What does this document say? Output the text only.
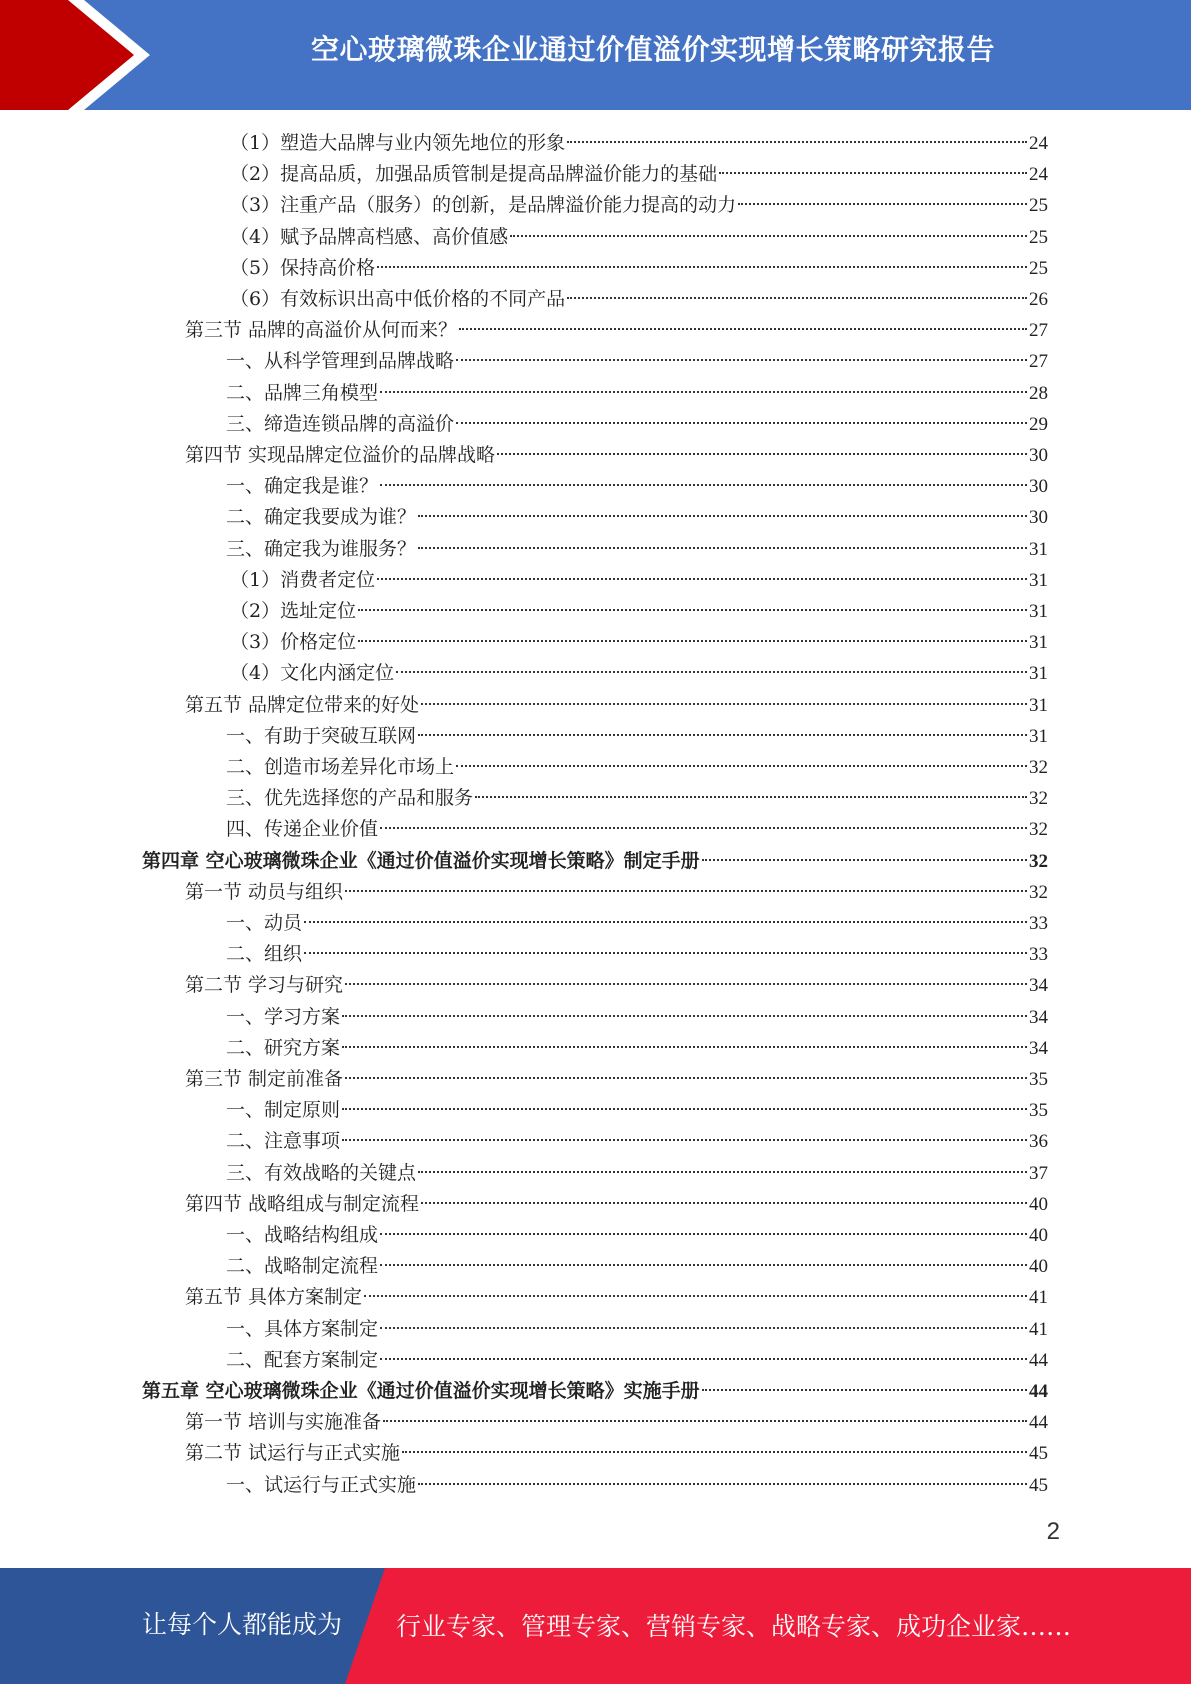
空心玻璃微珠企业通过价值溢价实现增长策略研究报告
（1）塑造大品牌与业内领先地位的形象	24
（2）提高品质，加强品质管制是提高品牌溢价能力的基础	24
（3）注重产品（服务）的创新，是品牌溢价能力提高的动力	25
（4）赋予品牌高档感、高价值感	25
（5）保持高价格	25
（6）有效标识出高中低价格的不同产品	26
第三节 品牌的高溢价从何而来？	27
一、从科学管理到品牌战略	27
二、品牌三角模型	28
三、缔造连锁品牌的高溢价	29
第四节 实现品牌定位溢价的品牌战略	30
一、确定我是谁？	30
二、确定我要成为谁？	30
三、确定我为谁服务？	31
（1）消费者定位	31
（2）选址定位	31
（3）价格定位	31
（4）文化内涵定位	31
第五节 品牌定位带来的好处	31
一、有助于突破互联网	31
二、创造市场差异化市场上	32
三、优先选择您的产品和服务	32
四、传递企业价值	32
第四章 空心玻璃微珠企业《通过价值溢价实现增长策略》制定手册	32
第一节 动员与组织	32
一、动员	33
二、组织	33
第二节 学习与研究	34
一、学习方案	34
二、研究方案	34
第三节 制定前准备	35
一、制定原则	35
二、注意事项	36
三、有效战略的关键点	37
第四节 战略组成与制定流程	40
一、战略结构组成	40
二、战略制定流程	40
第五节 具体方案制定	41
一、具体方案制定	41
二、配套方案制定	44
第五章 空心玻璃微珠企业《通过价值溢价实现增长策略》实施手册	44
第一节 培训与实施准备	44
第二节 试运行与正式实施	45
一、试运行与正式实施	45
2
让每个人都能成为 行业专家、管理专家、营销专家、战略专家、成功企业家……
